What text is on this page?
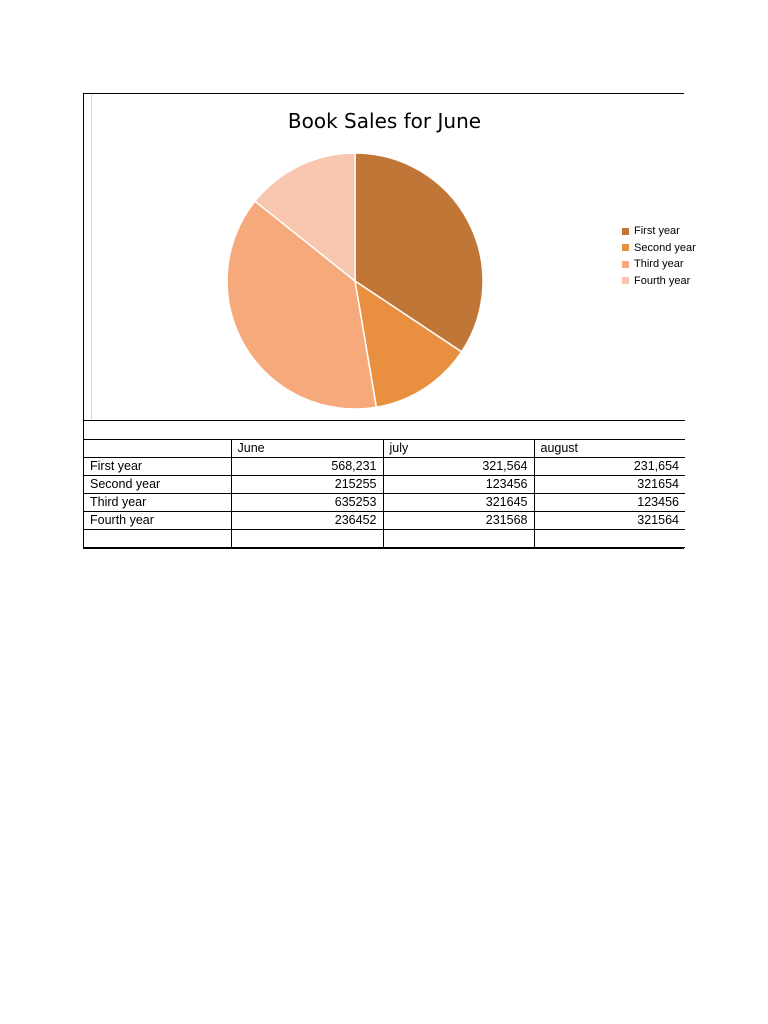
Book Sales for June
First year
Second year
Third year
Fourth year

	June	july	august
First year	568,231	321,564	231,654
Second year	215255	123456	321654
Third year	635253	321645	123456
Fourth year	236452	231568	321564
